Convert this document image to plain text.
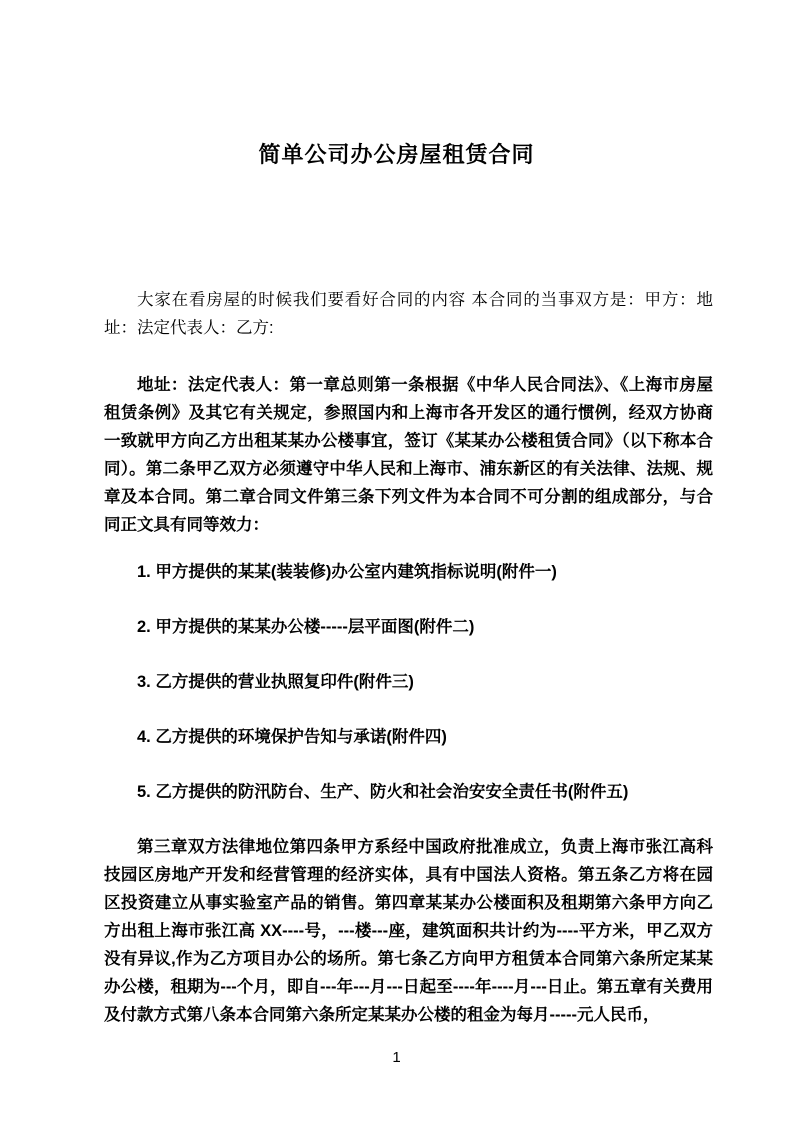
简单公司办公房屋租赁合同

大家在看房屋的时候我们要看好合同的内容 本合同的当事双方是：甲方：地址：法定代表人：乙方:

地址：法定代表人：第一章总则第一条根据《中华人民合同法》、《上海市房屋租赁条例》及其它有关规定，参照国内和上海市各开发区的通行惯例，经双方协商一致就甲方向乙方出租某某办公楼事宜，签订《某某办公楼租赁合同》（以下称本合同）。第二条甲乙双方必须遵守中华人民和上海市、浦东新区的有关法律、法规、规章及本合同。第二章合同文件第三条下列文件为本合同不可分割的组成部分，与合同正文具有同等效力：

1. 甲方提供的某某(装装修)办公室内建筑指标说明(附件一)
2. 甲方提供的某某办公楼-----层平面图(附件二)
3. 乙方提供的营业执照复印件(附件三)
4. 乙方提供的环境保护告知与承诺(附件四)
5. 乙方提供的防汛防台、生产、防火和社会治安安全责任书(附件五)

第三章双方法律地位第四条甲方系经中国政府批准成立，负责上海市张江高科技园区房地产开发和经营管理的经济实体，具有中国法人资格。第五条乙方将在园区投资建立从事实验室产品的销售。第四章某某办公楼面积及租期第六条甲方向乙方出租上海市张江高 XX----号，---楼---座，建筑面积共计约为----平方米，甲乙双方没有异议,作为乙方项目办公的场所。第七条乙方向甲方租赁本合同第六条所定某某办公楼，租期为---个月，即自---年---月---日起至----年----月---日止。第五章有关费用及付款方式第八条本合同第六条所定某某办公楼的租金为每月-----元人民币，

1
